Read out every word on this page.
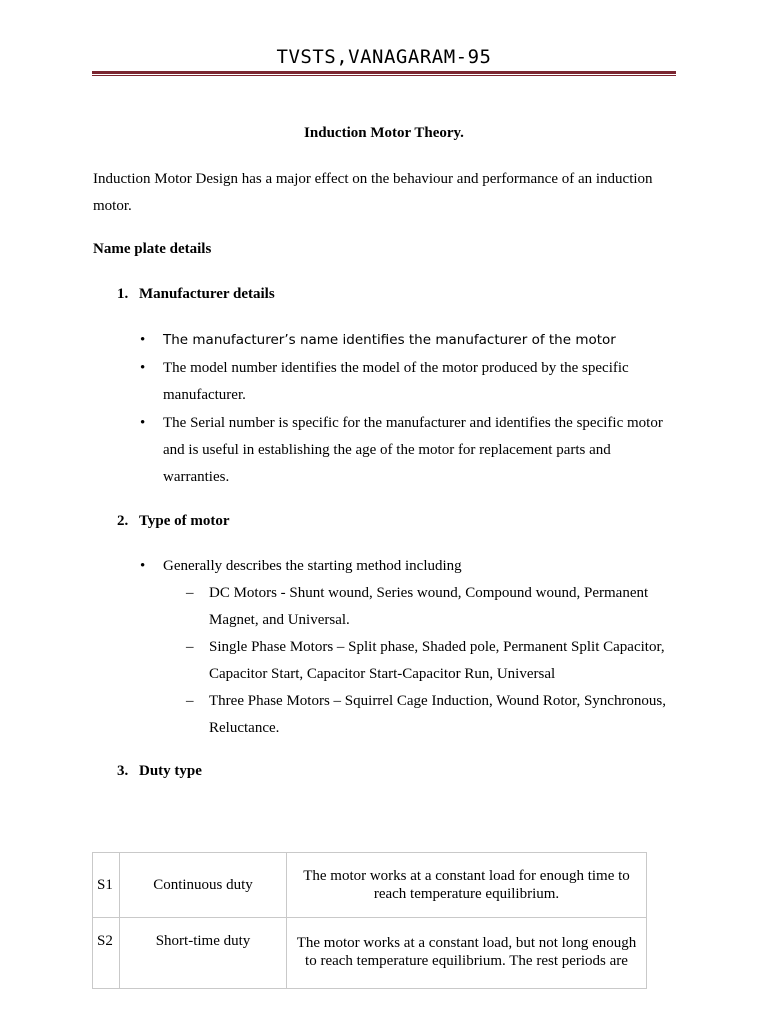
TVSTS,VANAGARAM-95
Induction Motor Theory.
Induction Motor Design has a major effect on the behaviour and performance of an induction motor.
Name plate details
1. Manufacturer details
• The manufacturer’s name identifies the manufacturer of the motor
• The model number identifies the model of the motor produced by the specific manufacturer.
• The Serial number is specific for the manufacturer and identifies the specific motor and is useful in establishing the age of the motor for replacement parts and warranties.
2. Type of motor
• Generally describes the starting method including
– DC Motors - Shunt wound, Series wound, Compound wound, Permanent Magnet, and Universal.
– Single Phase Motors – Split phase, Shaded pole, Permanent Split Capacitor, Capacitor Start, Capacitor Start-Capacitor Run, Universal
– Three Phase Motors – Squirrel Cage Induction, Wound Rotor, Synchronous, Reluctance.
3. Duty type
S1	Continuous duty	The motor works at a constant load for enough time to reach temperature equilibrium.
S2	Short-time duty	The motor works at a constant load, but not long enough to reach temperature equilibrium. The rest periods are
